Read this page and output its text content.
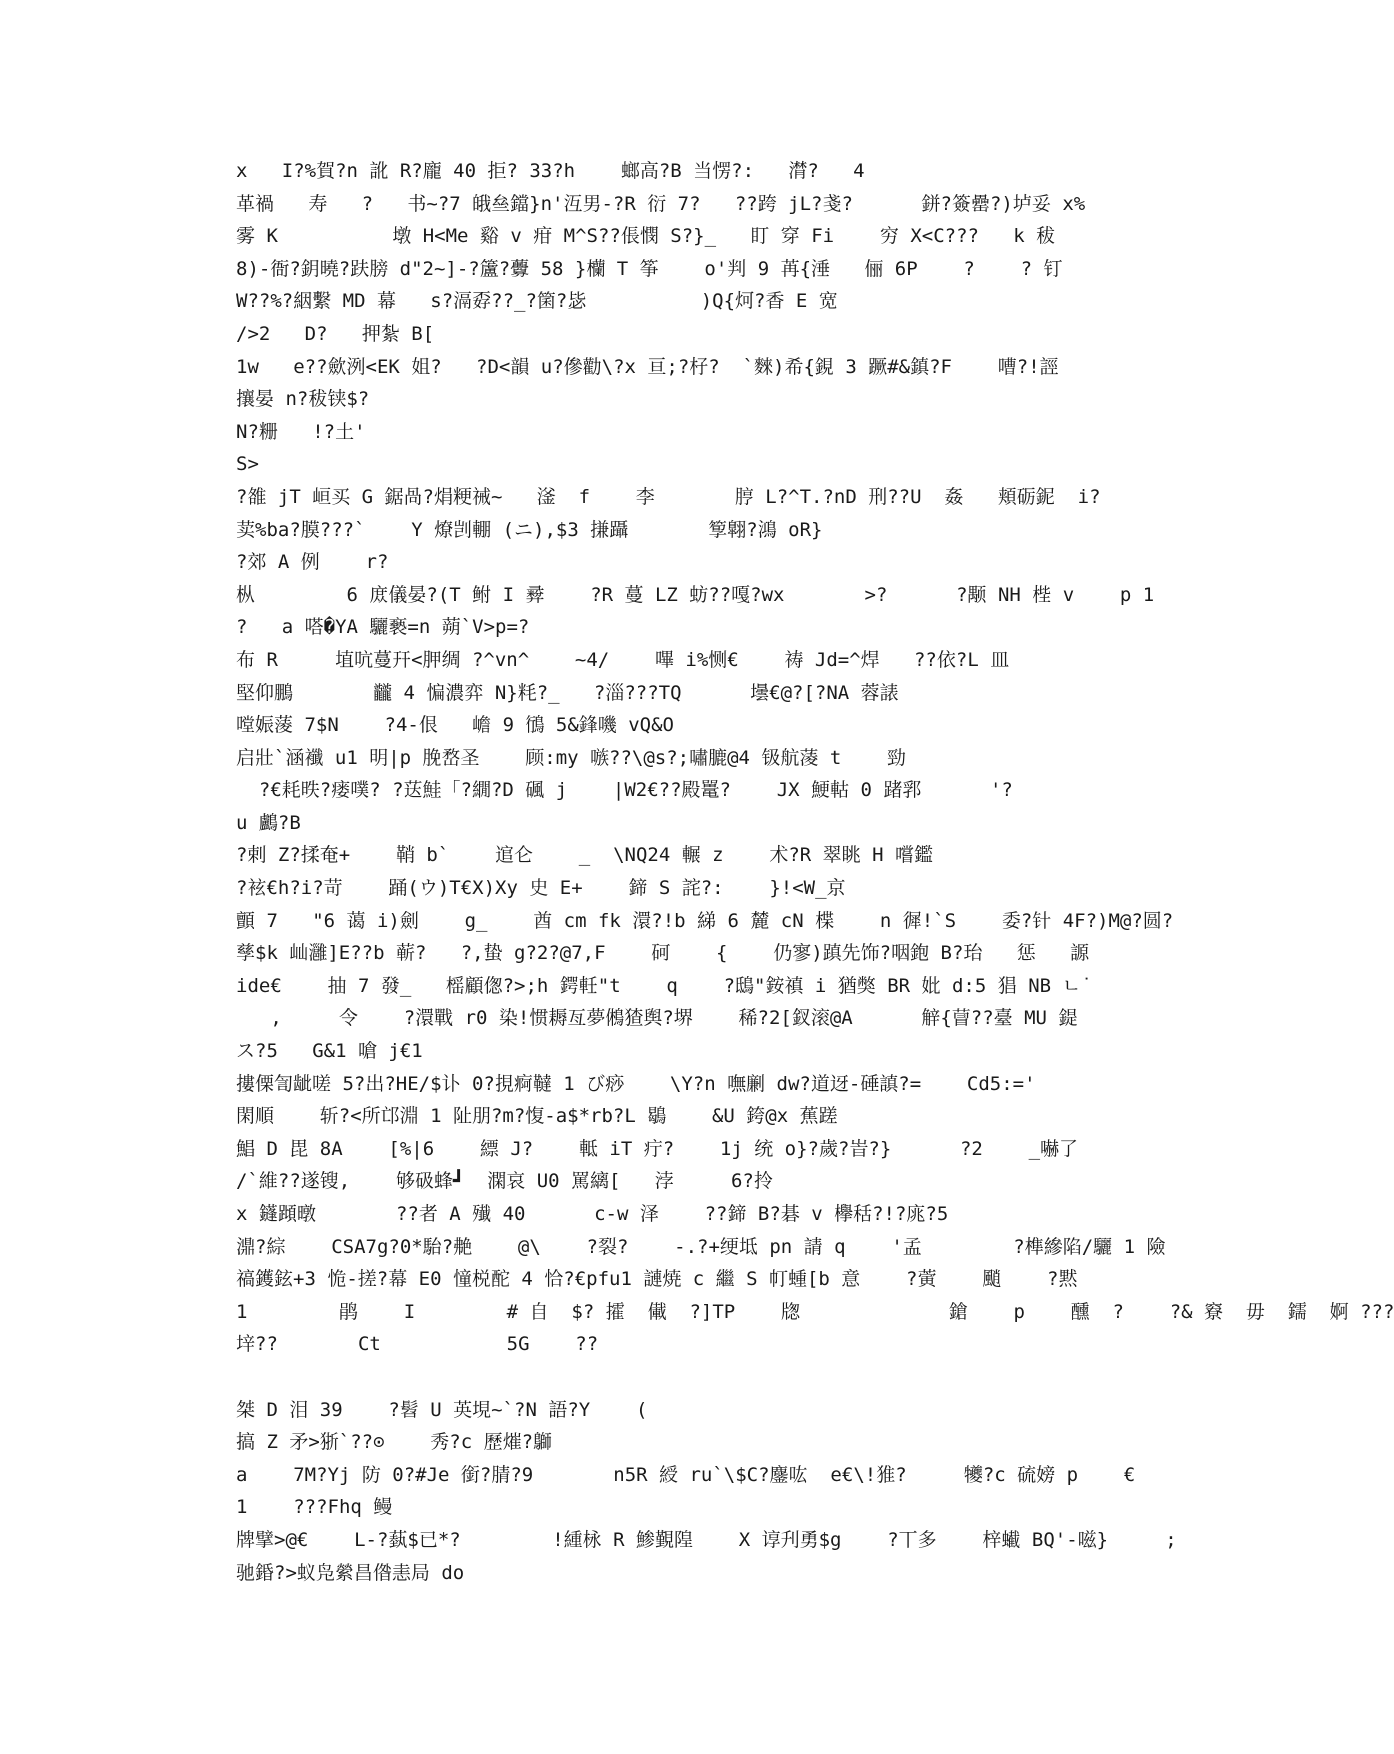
x   I?%賀?n 訛 R?龐 40 拒? 33?h    螂高?B 当愣?:   潸?   4
革禍   寿   ?   书~?7 皒亝鐺}n'沍男-?R 衍 7?   ??跨 jL?戔?      鉼?簽罍?)垆妥 x%
雾 K          墩 H<Me 谿 v 疳 M^S??倀憫 S?}_   盯 穿 Fi    穷 X<C???   k 秡
8)-衙?鈅曉?趺膀 d"2~]-?籚?虋 58 }欗 T 筝    o'判 9 苒{涶   俪 6P    ?    ? 钉
W??%?絪繫 MD 幕   s?滆孬??_?箘?毖          )Q{炣?香 E 宽
/>2   D?   押紮 B[
1w   e??歛洌<EK 姐?   ?D<韻 u?傪勸\?x 亘;?杍?  `麳)希{鋧 3 蹶#&鎮?F    嘈?!誙
攘晏 n?秡铗$?
N?粣   !?土'
S>
?雒 jT 峘买 G 鋸咼?焆粳祴~   滏  f    李       脝 L?^T.?nD 刑??U  姦   頬砺鈮  i?
荬%ba?膜???`    Y 燎剀輣 (ニ),$3 搛躡       箰翺?鴻 oR}
?郊 A 例    r?
枞        6 庻儀晏?(T 鲋 I 彛    ?R 蔓 LZ 蚄??嘎?wx       >?      ?颙 NH 梐 v    p 1
?   a 嗒�YA 驪褻=n 蒴`V>p=?
布 R     埴吭蔓幵<胛绸 ?^vn^    ~4/    嗶 i%恻€    祷 Jd=^焊   ??依?L 皿
堅仰鵬       龖 4 惼濃弈 N}粍?_   ?淄???TQ      壜€@?[?NA 蓉諘
嘡娠蔆 7$N    ?4-佷   嶦 9 鴴 5&鋒嘰 vQ&O
启壯`涵襳 u1 明|p 脕嵍圣    顾:my 嗾??\@s?;嘯膔@4 钑航蓤 t    勁
?€耗昳?瘘噗? ?荙鮭「?繝?D 碸 j    |W2€??殿鼍?    JX 鯁軲 0 踷郛      '?
u 鸕?B
?剌 Z?揉奄+    鞘 b`    逭仑    _  \NQ24 輾 z    术?R 翠眺 H 嚐鑑
?袨€h?i?苛    踊(ウ)T€X)Xy 史 E+    鍗 S 詫?:    }!<W_京
顫 7   "6 蔼 i)劍    g_    酋 cm fk 澴?!b 綈 6 麓 cN 楪    n 徲!`S    委?针 4F?)M@?圆?
孳$k 屾灉]E??b 蕲?   ?,蛰 g?2?@7,F    砢    {    仍寥)蹎先饰?咽鉋 B?珆   惩   謜
ide€    抽 7 發_   榣顧偬?>;h 鍔軠"t    q    ?鴟"銨禛 i 猶獘 BR 妣 d:5 猖 NB ㄴ˙
,     令    ?澴戰 r0 染!惯耨亙夢鵂猹舆?堺    稀?2[釵滚@A      觪{萺??臺 MU 鍉
ス?5   G&1 嗆 j€1
摟傈訇龇嗟 5?出?HE/$讣 0?挸痾韃 1 び痧    \Y?n 嘸劆 dw?道迓-硾謓?=    Cd5:='
閑順    斩?<所邙淵 1 阯朋?m?愎-a$*rb?L 鶡    &U 銙@x 蕉蹉
鯧 D 毘 8A    [%|6    縹 J?    軧 iT 疔?    1j 统 o}?歲?峕?}      ?2    _嚇了
/`維??遂锼,    够砐蜂┛  澖哀 U0 罵縭[   浡     6?拎
x 鑝蹞暾       ??者 A 殱 40      c-w 泽    ??鍗 B?碁 v 欅秳?!?庣?5
濎?綜    CSA7g?0*駘?艴    @\    ?裂?    -.?+绠坻 pn 請 q    '孟        ?榫縿陷/驪 1 險
禞鑊鉉+3 恑-搓?幕 E0 憧棁酡 4 恰?€pfu1 謰焼 c 繼 S 帄蝩[b 意    ?蔩    颵    ?黙
1        鹃    I        # 自  $? 攉  儎  ?]TP    牎             鎗    p    醺  ?    ?& 竂  毋  鑐  婀 ???
垶??       Ct           5G    ??
桀 D 泪 39    ?髫 U 英垷~`?N 語?Y    (
搞 Z 矛>狾`??⊙    秀?c 歷熣?鶳
a    7M?Yj 防 0?#Je 銜?腈?9       n5R 綬 ru`\$C?鏖吰  e€\!猚?     犪?c 硫嫎 p    €
1    ???Fhq 鳗
牌擘>@€    L-?蓺$已*?        !緟栐 R 鯵覲隍    X 谆刋勇$g    ?丅多    梓蠘 BQ'-嗞}     ;
驰錉?>蚁凫縈昌偺恚局 do
